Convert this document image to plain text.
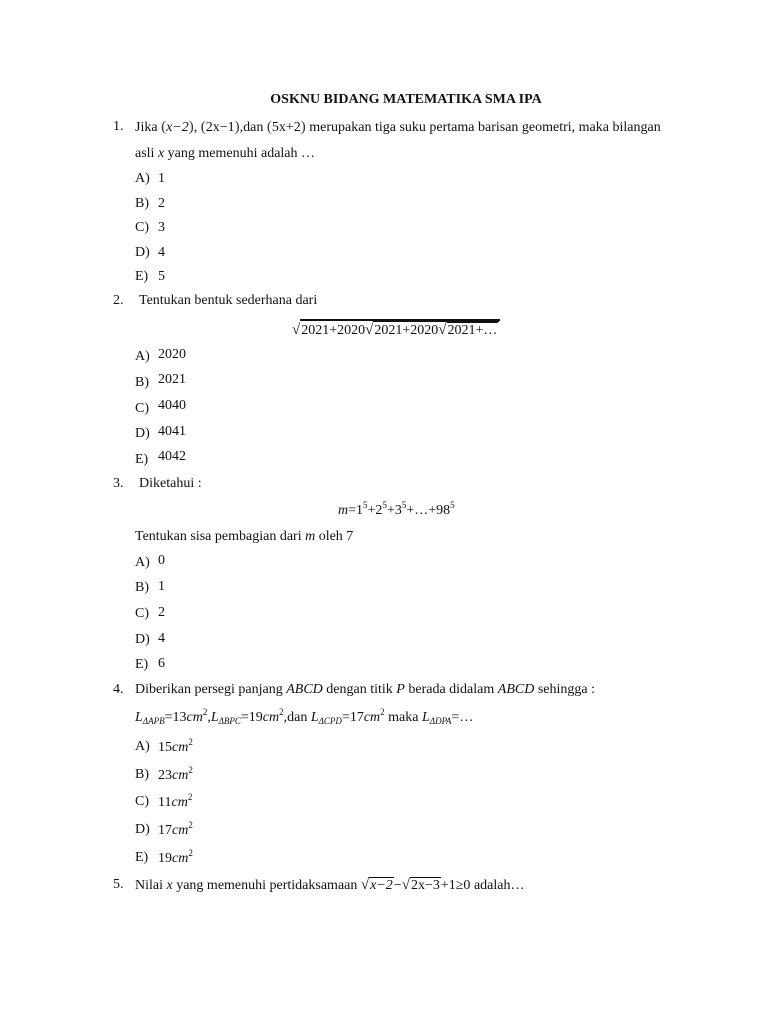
OSKNU BIDANG MATEMATIKA SMA IPA
1. Jika (x−2), (2x−1),dan (5x+2) merupakan tiga suku pertama barisan geometri, maka bilangan
asli x yang memenuhi adalah …
A) 1
B) 2
C) 3
D) 4
E) 5
2. Tentukan bentuk sederhana dari
√2021+2020√2021+2020√2021+…
A) 2020
B) 2021
C) 4040
D) 4041
E) 4042
3. Diketahui :
$m=1^5+2^5+3^5+\dots+98^5$
Tentukan sisa pembagian dari m oleh 7
A) 0
B) 1
C) 2
D) 4
E) 6
4. Diberikan persegi panjang ABCD dengan titik P berada didalam ABCD sehingga :
$L_{\Delta APB}=13cm^2,L_{\Delta BPC}=19cm^2,dan$ $L_{\Delta CPD}=17cm^2$ maka $L_{\Delta DPA}=\dots$
A) $15cm^2$
B) $23cm^2$
C) $11cm^2$
D) $17cm^2$
E) $19cm^2$
5. Nilai x yang memenuhi pertidaksamaan √x−2−√2x−3+1≥0 adalah…
